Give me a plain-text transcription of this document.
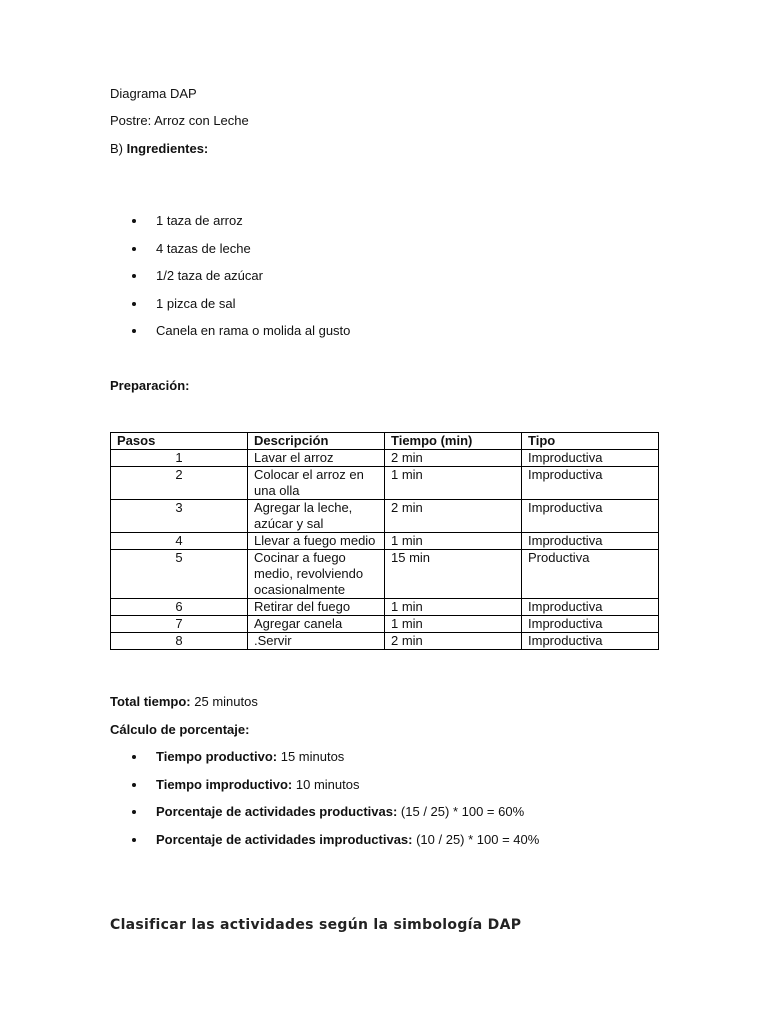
Diagrama DAP

Postre: Arroz con Leche

B) Ingredientes:

1 taza de arroz
4 tazas de leche
1/2 taza de azúcar
1 pizca de sal
Canela en rama o molida al gusto

Preparación:

Pasos	Descripción	Tiempo (min)	Tipo
1	Lavar el arroz	2 min	Improductiva
2	Colocar el arroz en una olla	1 min	Improductiva
3	Agregar la leche, azúcar y sal	2 min	Improductiva
4	Llevar a fuego medio	1 min	Improductiva
5	Cocinar a fuego medio, revolviendo ocasionalmente	15 min	Productiva
6	Retirar del fuego	1 min	Improductiva
7	Agregar canela	1 min	Improductiva
8	.Servir	2 min	Improductiva

Total tiempo: 25 minutos

Cálculo de porcentaje:

Tiempo productivo: 15 minutos
Tiempo improductivo: 10 minutos
Porcentaje de actividades productivas: (15 / 25) * 100 = 60%
Porcentaje de actividades improductivas: (10 / 25) * 100 = 40%

Clasificar las actividades según la simbología DAP
